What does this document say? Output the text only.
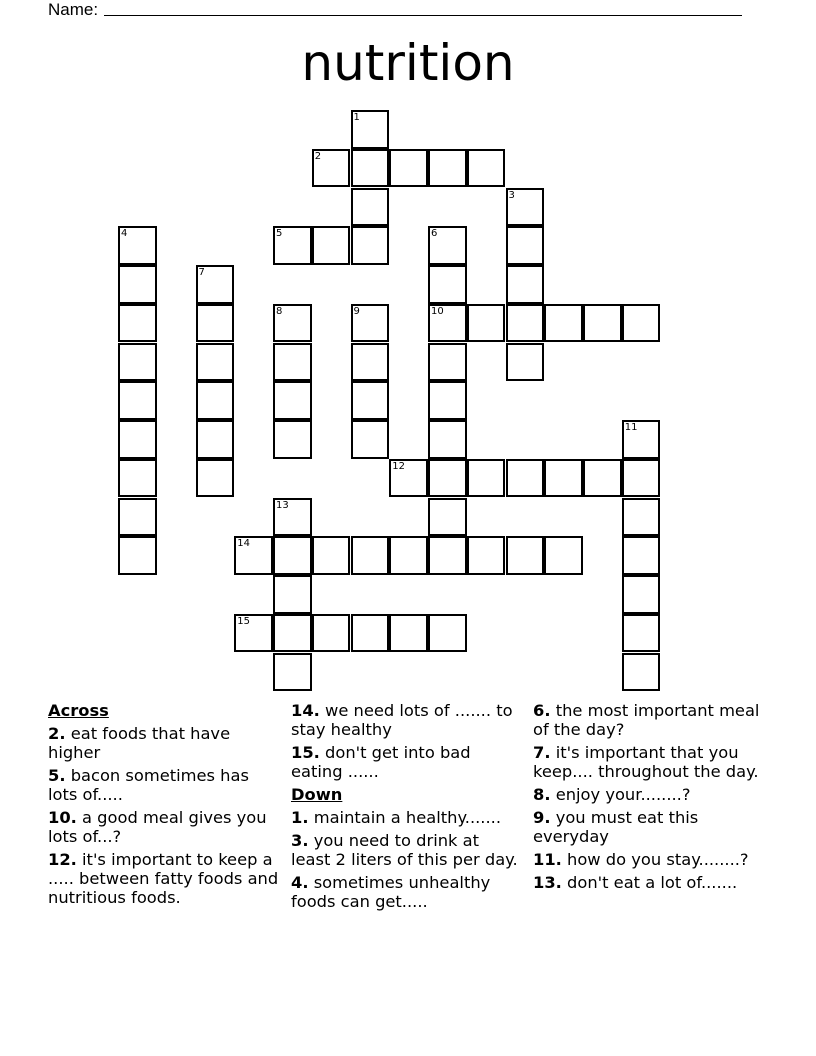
Name:
nutrition
1
2
3
4	5	6
10
7
8	9
11
12
13
14
15
Across
2. eat foods that have higher
5. bacon sometimes has lots of.....
10. a good meal gives you lots of...?
12. it's important to keep a ..... between fatty foods and nutritious foods.
14. we need lots of ....... to stay healthy
15. don't get into bad eating ......
Down
1. maintain a healthy.......
3. you need to drink at least 2 liters of this per day.
4. sometimes unhealthy foods can get.....
6. the most important meal of the day?
7. it's important that you keep.... throughout the day.
8. enjoy your........?
9. you must eat this everyday
11. how do you stay........?
13. don't eat a lot of.......
